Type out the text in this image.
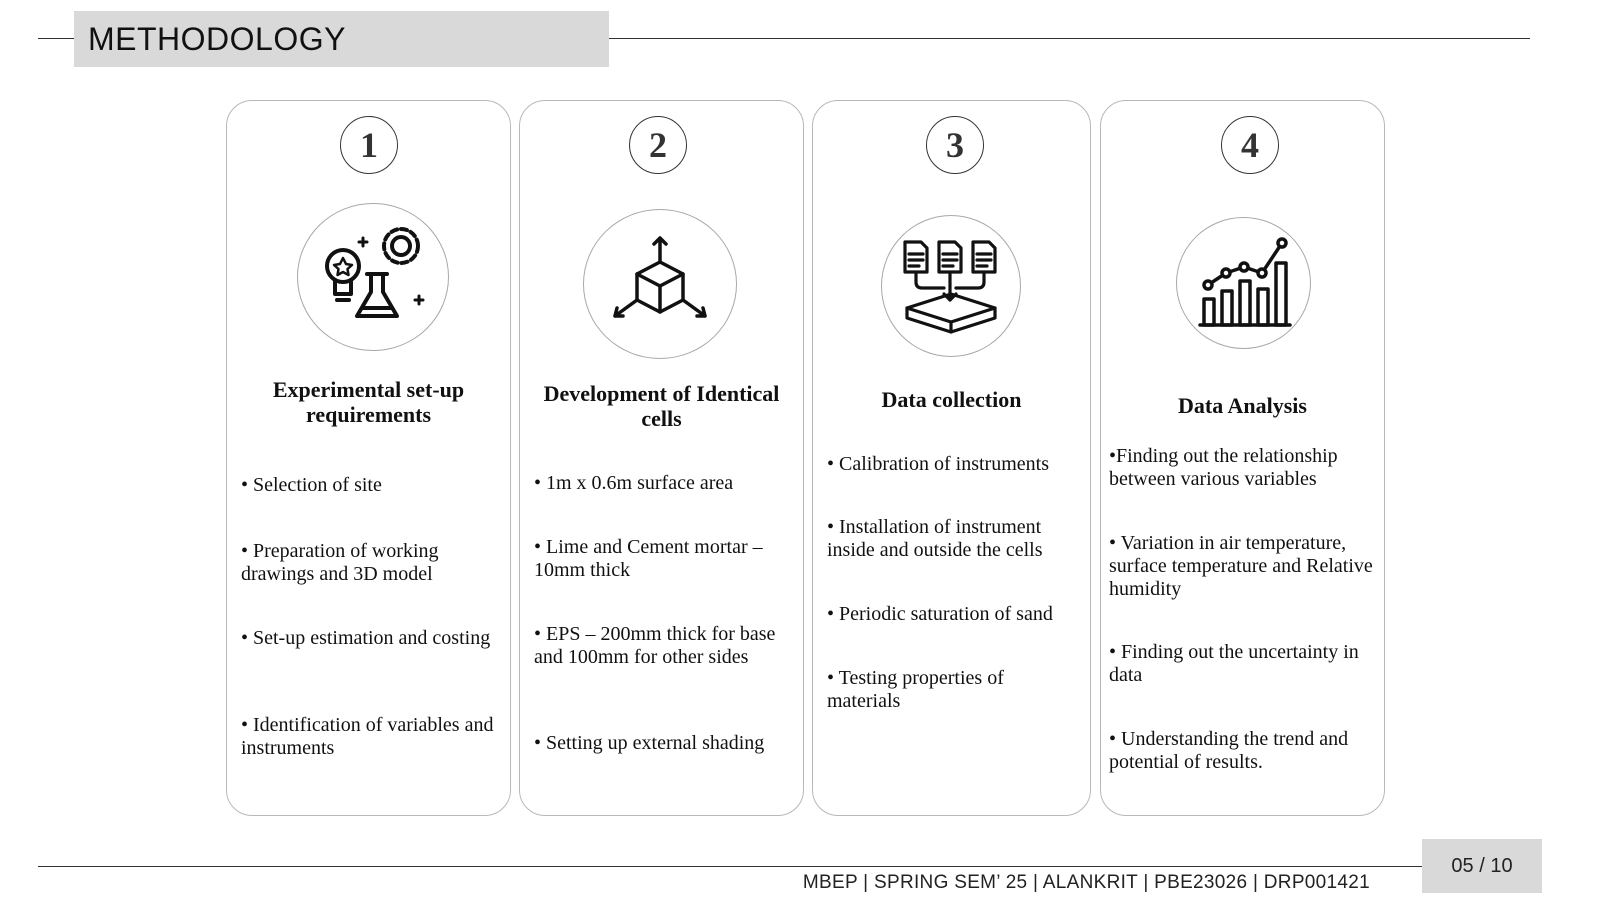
METHODOLOGY
1
Experimental set-up requirements
• Selection of site
• Preparation of working drawings and 3D model
• Set-up estimation and costing
• Identification of variables and instruments
2
Development of Identical cells
• 1m x 0.6m surface area
• Lime and Cement mortar – 10mm thick
• EPS – 200mm thick for base and 100mm for other sides
• Setting up external shading
3
Data collection
• Calibration of instruments
• Installation of instrument inside and outside the cells
• Periodic saturation of sand
• Testing properties of materials
4
Data Analysis
•Finding out the relationship between various variables
• Variation in air temperature, surface temperature and Relative humidity
• Finding out the uncertainty in data
• Understanding the trend and potential of results.
MBEP | SPRING SEM’ 25 | ALANKRIT | PBE23026 | DRP001421
05 / 10
